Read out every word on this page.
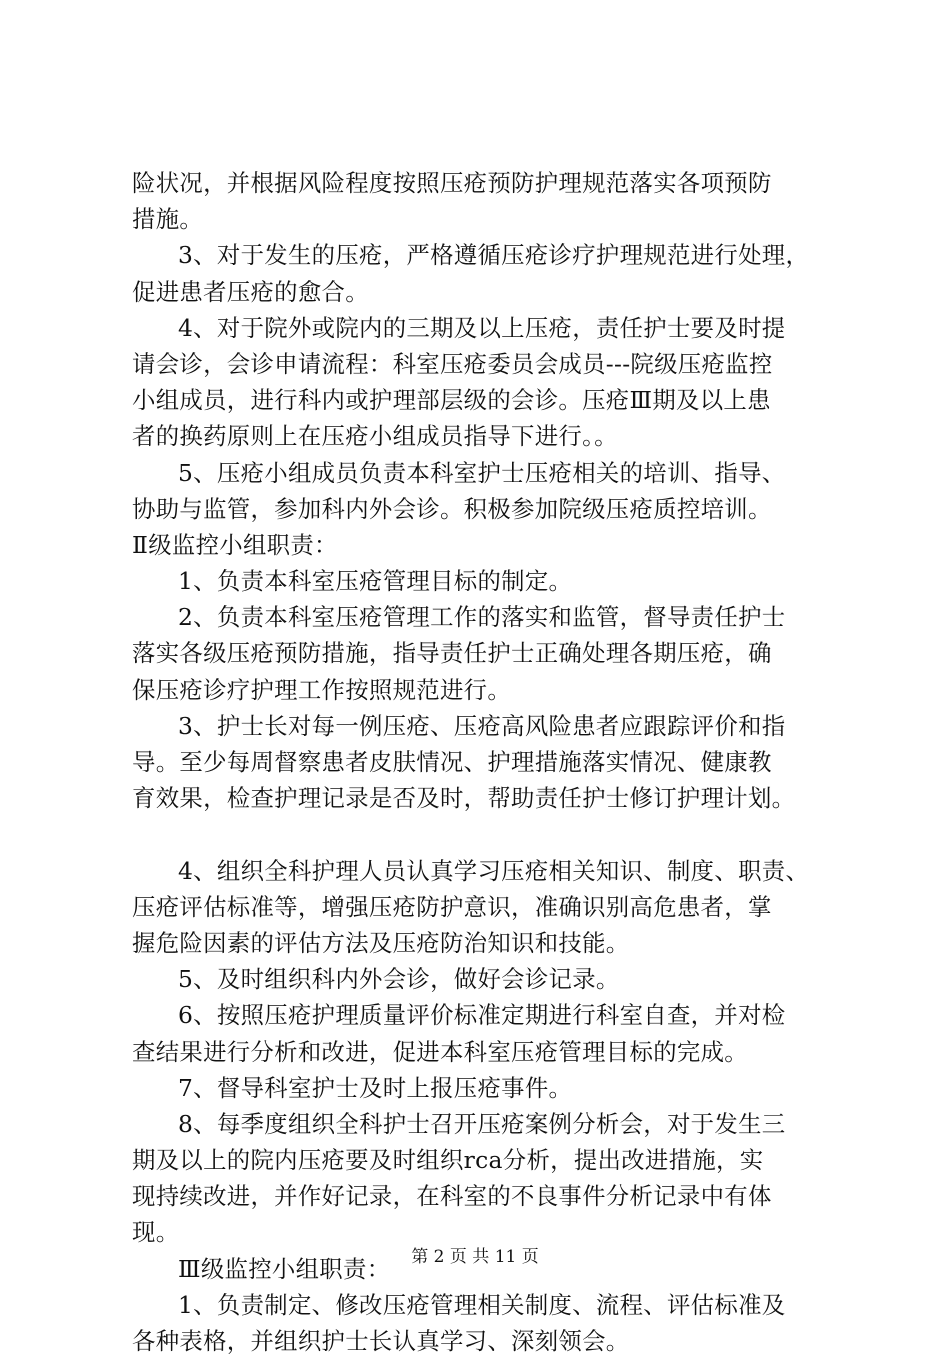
险状况，并根据风险程度按照压疮预防护理规范落实各项预防
措施。
3、对于发生的压疮，严格遵循压疮诊疗护理规范进行处理，
促进患者压疮的愈合。
4、对于院外或院内的三期及以上压疮，责任护士要及时提
请会诊，会诊申请流程：科室压疮委员会成员---院级压疮监控
小组成员，进行科内或护理部层级的会诊。压疮Ⅲ期及以上患
者的换药原则上在压疮小组成员指导下进行。。
5、压疮小组成员负责本科室护士压疮相关的培训、指导、
协助与监管，参加科内外会诊。积极参加院级压疮质控培训。
Ⅱ级监控小组职责：
1、负责本科室压疮管理目标的制定。
2、负责本科室压疮管理工作的落实和监管，督导责任护士
落实各级压疮预防措施，指导责任护士正确处理各期压疮，确
保压疮诊疗护理工作按照规范进行。
3、护士长对每一例压疮、压疮高风险患者应跟踪评价和指
导。至少每周督察患者皮肤情况、护理措施落实情况、健康教
育效果，检查护理记录是否及时，帮助责任护士修订护理计划。
4、组织全科护理人员认真学习压疮相关知识、制度、职责、
压疮评估标准等，增强压疮防护意识，准确识别高危患者，掌
握危险因素的评估方法及压疮防治知识和技能。
5、及时组织科内外会诊，做好会诊记录。
6、按照压疮护理质量评价标准定期进行科室自查，并对检
查结果进行分析和改进，促进本科室压疮管理目标的完成。
7、督导科室护士及时上报压疮事件。
8、每季度组织全科护士召开压疮案例分析会，对于发生三
期及以上的院内压疮要及时组织rca分析，提出改进措施，实
现持续改进，并作好记录，在科室的不良事件分析记录中有体
现。
Ⅲ级监控小组职责：
1、负责制定、修改压疮管理相关制度、流程、评估标准及
各种表格，并组织护士长认真学习、深刻领会。
第 2 页 共 11 页
